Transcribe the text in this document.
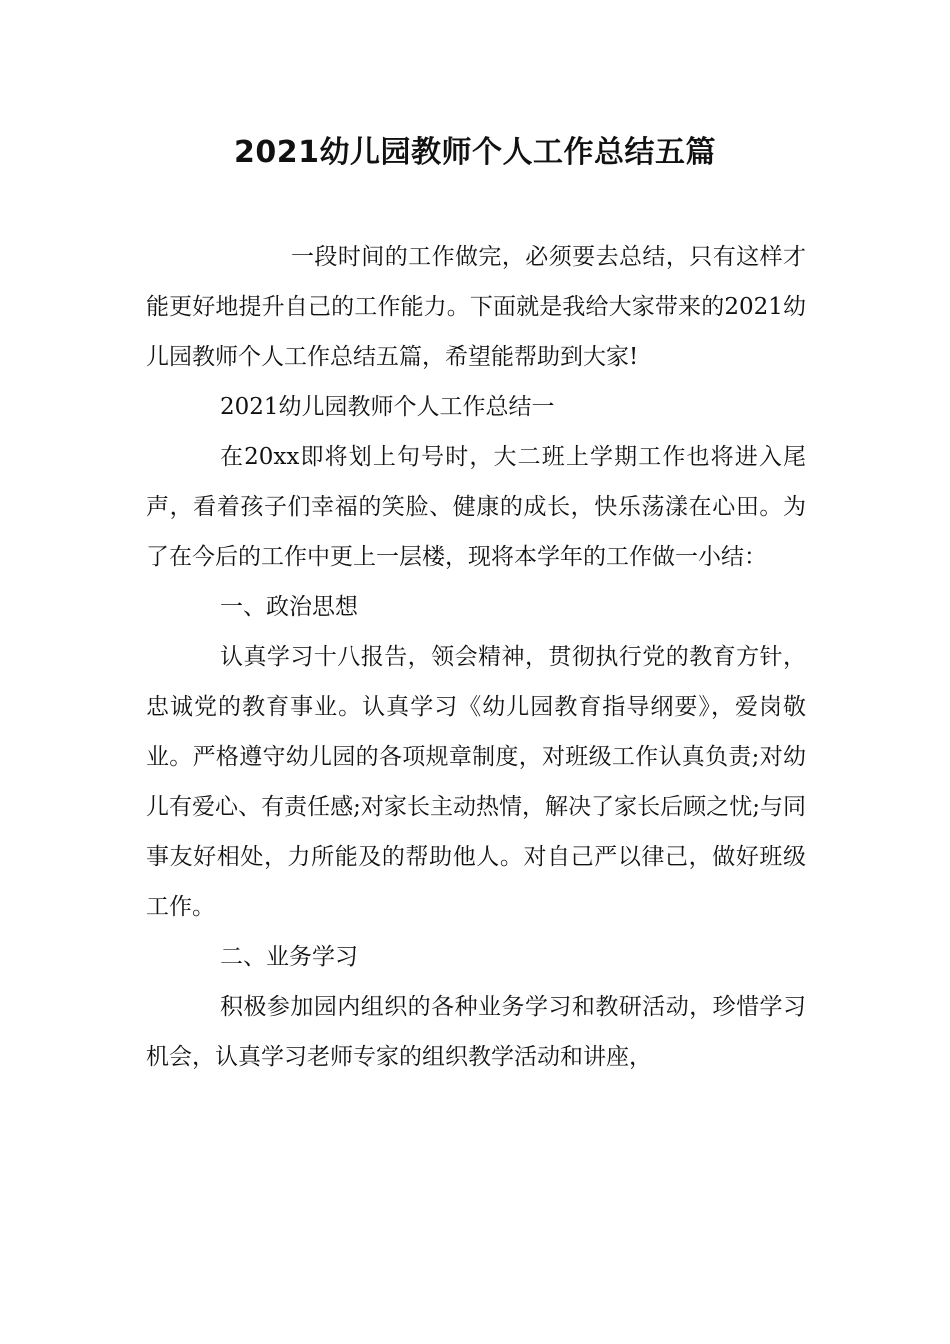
2021幼儿园教师个人工作总结五篇

一段时间的工作做完，必须要去总结，只有这样才能更好地提升自己的工作能力。下面就是我给大家带来的2021幼儿园教师个人工作总结五篇，希望能帮助到大家!

2021幼儿园教师个人工作总结一

在20xx即将划上句号时，大二班上学期工作也将进入尾声，看着孩子们幸福的笑脸、健康的成长，快乐荡漾在心田。为了在今后的工作中更上一层楼，现将本学年的工作做一小结：

一、政治思想

认真学习十八报告，领会精神，贯彻执行党的教育方针，忠诚党的教育事业。认真学习《幼儿园教育指导纲要》，爱岗敬业。严格遵守幼儿园的各项规章制度，对班级工作认真负责;对幼儿有爱心、有责任感;对家长主动热情，解决了家长后顾之忧;与同事友好相处，力所能及的帮助他人。对自己严以律己，做好班级工作。

二、业务学习

积极参加园内组织的各种业务学习和教研活动，珍惜学习机会，认真学习老师专家的组织教学活动和讲座，
